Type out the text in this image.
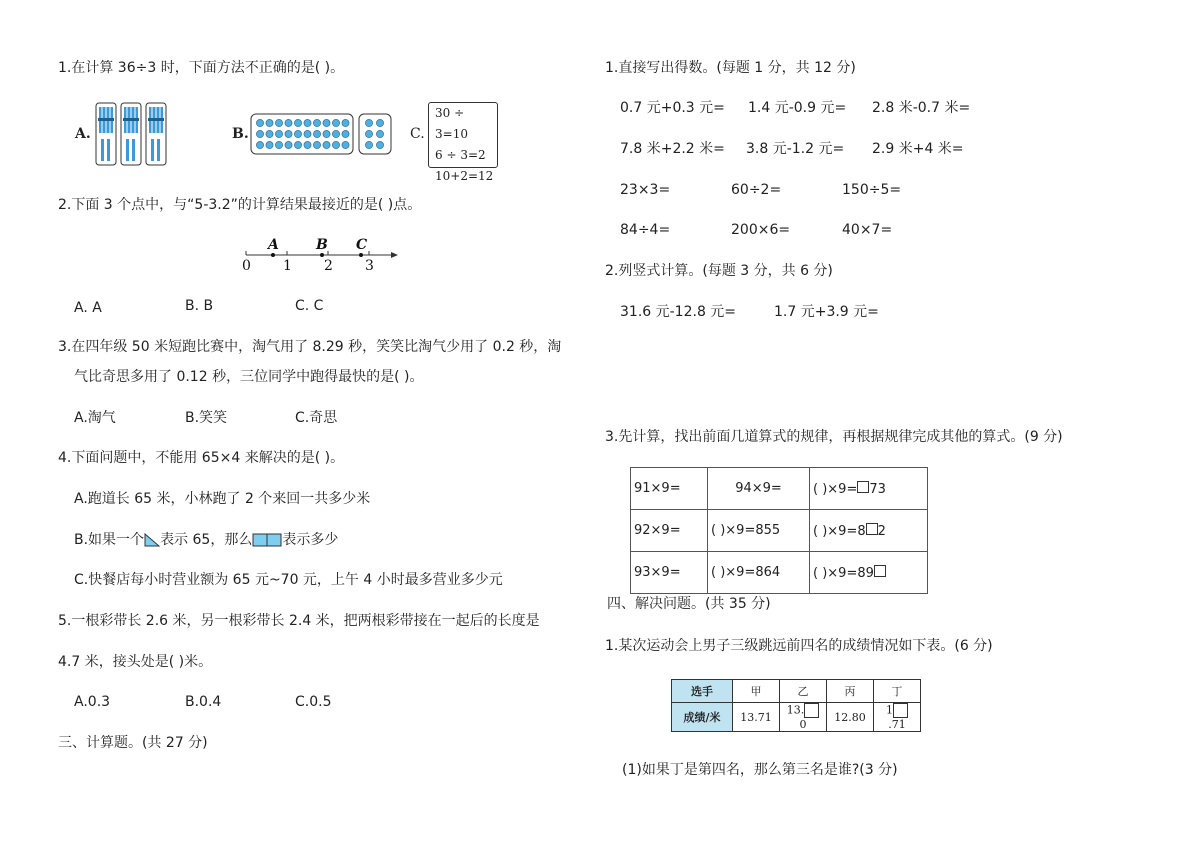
1.在计算 36÷3 时，下面方法不正确的是( )。
A.	B.	C.
30 ÷ 3=10
6 ÷ 3=2
10+2=12
2.下面 3 个点中，与“5-3.2”的计算结果最接近的是( )点。
A	B C
0 1 2 3
A. A	B. B	C. C
3.在四年级 50 米短跑比赛中，淘气用了 8.29 秒，笑笑比淘气少用了 0.2 秒，淘
气比奇思多用了 0.12 秒，三位同学中跑得最快的是( )。
A.淘气	B.笑笑	C.奇思
4.下面问题中，不能用 65×4 来解决的是( )。
A.跑道长 65 米，小林跑了 2 个来回一共多少米
B.如果一个 表示 65，那么 表示多少
C.快餐店每小时营业额为 65 元~70 元，上午 4 小时最多营业多少元
5.一根彩带长 2.6 米，另一根彩带长 2.4 米，把两根彩带接在一起后的长度是
4.7 米，接头处是( )米。
A.0.3	B.0.4	C.0.5
三、计算题。(共 27 分)
1.直接写出得数。(每题 1 分，共 12 分)
0.7 元+0.3 元= 1.4 元-0.9 元= 2.8 米-0.7 米=
7.8 米+2.2 米= 3.8 元-1.2 元= 2.9 米+4 米=
23×3=	60÷2=	150÷5=
84÷4=	200×6=	40×7=
2.列竖式计算。(每题 3 分，共 6 分)
31.6 元-12.8 元=	1.7 元+3.9 元=
3.先计算，找出前面几道算式的规律，再根据规律完成其他的算式。(9 分)
91×9=	94×9=	( )×9= 73
92×9=	( )×9=855	( )×9=8 2
93×9=	( )×9=864	( )×9=89
四、解决问题。(共 35 分)
1.某次运动会上男子三级跳远前四名的成绩情况如下表。(6 分)
选手	甲	乙	丙	丁
成绩/米	13.71	13.0	12.80	1.71
(1)如果丁是第四名，那么第三名是谁?(3 分)
